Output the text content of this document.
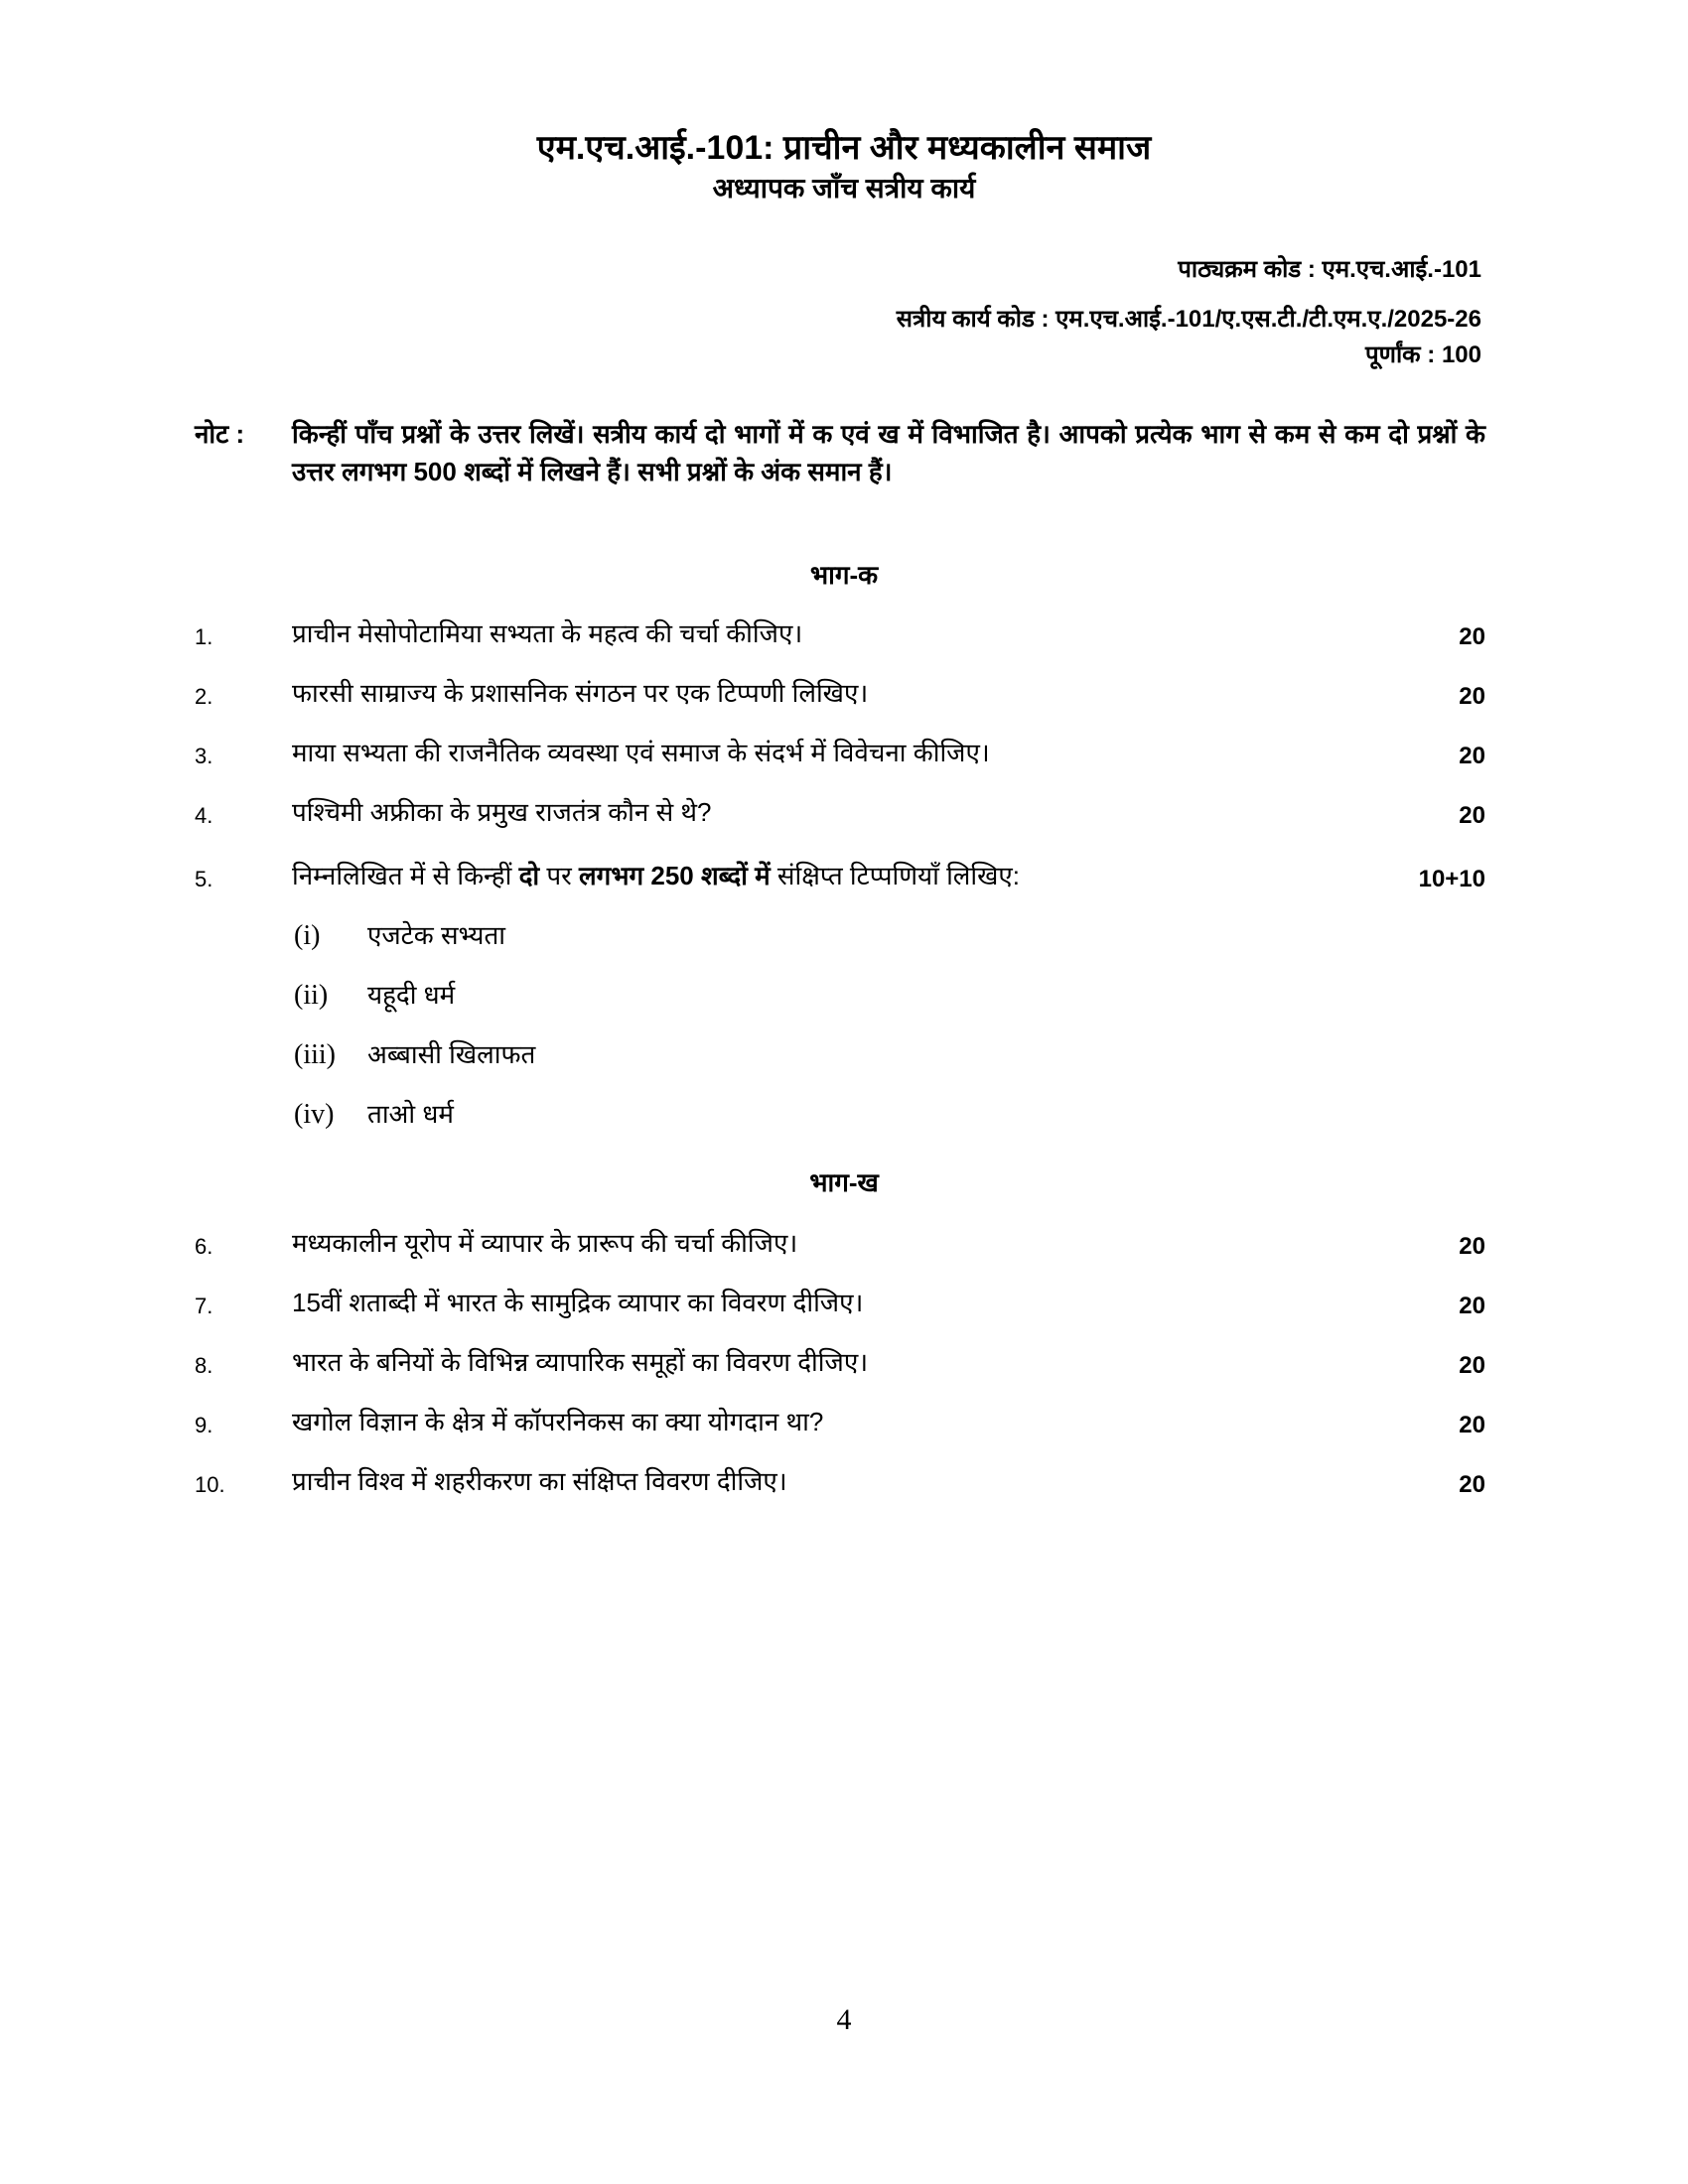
एम.एच.आई.-101: प्राचीन और मध्यकालीन समाज
अध्यापक जाँच सत्रीय कार्य
पाठ्यक्रम कोड : एम.एच.आई.-101
सत्रीय कार्य कोड : एम.एच.आई.-101/ए.एस.टी./टी.एम.ए./2025-26
पूर्णांक : 100
नोट : किन्हीं पाँच प्रश्नों के उत्तर लिखें। सत्रीय कार्य दो भागों में क एवं ख में विभाजित है। आपको प्रत्येक भाग से कम से कम दो प्रश्नों के उत्तर लगभग 500 शब्दों में लिखने हैं। सभी प्रश्नों के अंक समान हैं।
भाग-क
1.	प्राचीन मेसोपोटामिया सभ्यता के महत्व की चर्चा कीजिए।	20
2.	फारसी साम्राज्य के प्रशासनिक संगठन पर एक टिप्पणी लिखिए।	20
3.	माया सभ्यता की राजनैतिक व्यवस्था एवं समाज के संदर्भ में विवेचना कीजिए।	20
4.	पश्चिमी अफ्रीका के प्रमुख राजतंत्र कौन से थे?	20
5.	निम्नलिखित में से किन्हीं दो पर लगभग 250 शब्दों में संक्षिप्त टिप्पणियाँ लिखिए:	10+10
(i) एजटेक सभ्यता
(ii) यहूदी धर्म
(iii) अब्बासी खिलाफत
(iv) ताओ धर्म
भाग-ख
6.	मध्यकालीन यूरोप में व्यापार के प्रारूप की चर्चा कीजिए।	20
7.	15वीं शताब्दी में भारत के सामुद्रिक व्यापार का विवरण दीजिए।	20
8.	भारत के बनियों के विभिन्न व्यापारिक समूहों का विवरण दीजिए।	20
9.	खगोल विज्ञान के क्षेत्र में कॉपरनिकस का क्या योगदान था?	20
10.	प्राचीन विश्व में शहरीकरण का संक्षिप्त विवरण दीजिए।	20
4
